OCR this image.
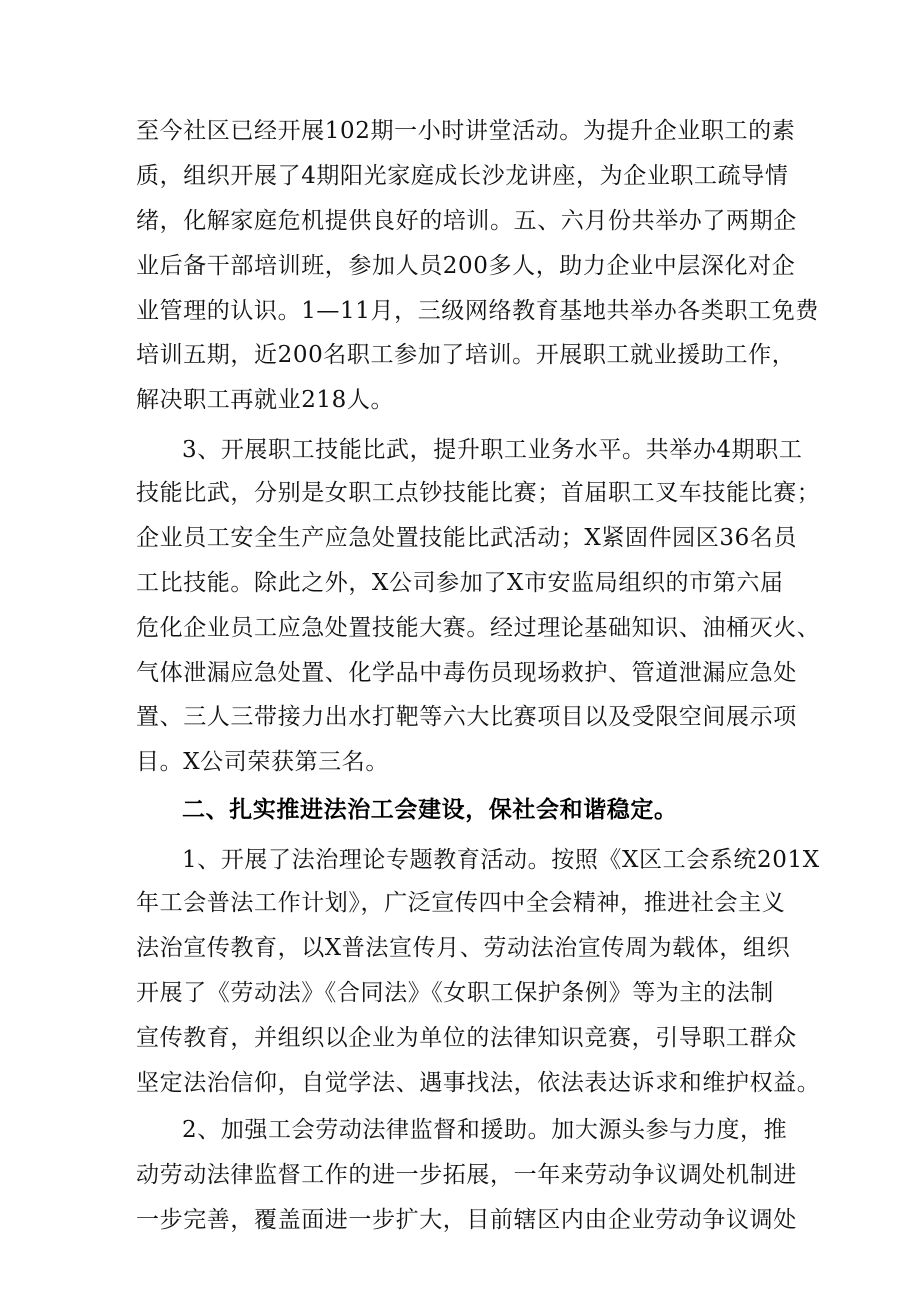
至今社区已经开展102期一小时讲堂活动。为提升企业职工的素
质，组织开展了4期阳光家庭成长沙龙讲座，为企业职工疏导情
绪，化解家庭危机提供良好的培训。五、六月份共举办了两期企
业后备干部培训班，参加人员200多人，助力企业中层深化对企
业管理的认识。1—11月，三级网络教育基地共举办各类职工免费
培训五期，近200名职工参加了培训。开展职工就业援助工作，
解决职工再就业218人。
3、开展职工技能比武，提升职工业务水平。共举办4期职工
技能比武，分别是女职工点钞技能比赛；首届职工叉车技能比赛；
企业员工安全生产应急处置技能比武活动；X紧固件园区36名员
工比技能。除此之外，X公司参加了X市安监局组织的市第六届
危化企业员工应急处置技能大赛。经过理论基础知识、油桶灭火、
气体泄漏应急处置、化学品中毒伤员现场救护、管道泄漏应急处
置、三人三带接力出水打靶等六大比赛项目以及受限空间展示项
目。X公司荣获第三名。
二、扎实推进法治工会建设，保社会和谐稳定。
1、开展了法治理论专题教育活动。按照《X区工会系统201X
年工会普法工作计划》，广泛宣传四中全会精神，推进社会主义
法治宣传教育，以X普法宣传月、劳动法治宣传周为载体，组织
开展了《劳动法》《合同法》《女职工保护条例》等为主的法制
宣传教育，并组织以企业为单位的法律知识竞赛，引导职工群众
坚定法治信仰，自觉学法、遇事找法，依法表达诉求和维护权益。
2、加强工会劳动法律监督和援助。加大源头参与力度，推
动劳动法律监督工作的进一步拓展，一年来劳动争议调处机制进
一步完善，覆盖面进一步扩大，目前辖区内由企业劳动争议调处
